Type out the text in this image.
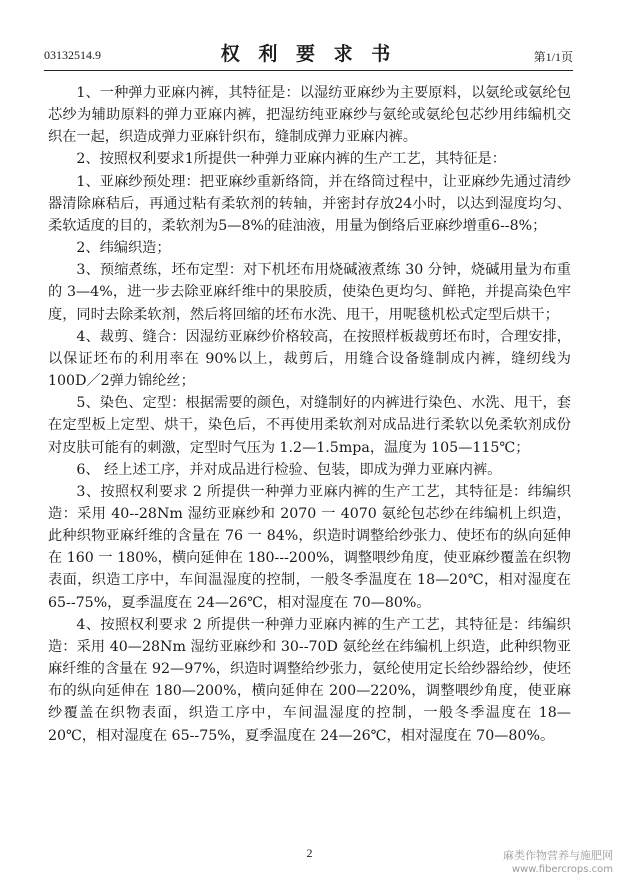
03132514.9	权 利 要 求 书	第1/1页

1、一种弹力亚麻内裤，其特征是：以湿纺亚麻纱为主要原料，以氨纶或氨纶包芯纱为辅助原料的弹力亚麻内裤，把湿纺纯亚麻纱与氨纶或氨纶包芯纱用纬编机交织在一起，织造成弹力亚麻针织布，缝制成弹力亚麻内裤。

2、按照权利要求1所提供一种弹力亚麻内裤的生产工艺，其特征是：

1、亚麻纱预处理：把亚麻纱重新络筒，并在络筒过程中，让亚麻纱先通过清纱器清除麻秸后，再通过粘有柔软剂的转轴，并密封存放24小时，以达到湿度均匀、柔软适度的目的，柔软剂为5—8%的硅油液，用量为倒络后亚麻纱增重6--8%；

2、纬编织造；

3、预缩煮练，坯布定型：对下机坯布用烧碱液煮练 30 分钟，烧碱用量为布重的 3—4%，进一步去除亚麻纤维中的果胶质，使染色更均匀、鲜艳，并提高染色牢度，同时去除柔软剂，然后将回缩的坯布水洗、甩干，用呢毯机松式定型后烘干；

4、裁剪、缝合：因湿纺亚麻纱价格较高，在按照样板裁剪坯布时，合理安排，以保证坯布的利用率在 90%以上，裁剪后，用缝合设备缝制成内裤，缝纫线为100D／2弹力锦纶丝；

5、染色、定型：根据需要的颜色，对缝制好的内裤进行染色、水洗、甩干，套在定型板上定型、烘干，染色后，不再使用柔软剂对成品进行柔软以免柔软剂成份对皮肤可能有的刺激，定型时气压为 1.2—1.5mpa，温度为 105—115℃；

6、 经上述工序，并对成品进行检验、包装，即成为弹力亚麻内裤。

3、按照权利要求 2 所提供一种弹力亚麻内裤的生产工艺，其特征是：纬编织造：采用 40--28Nm 湿纺亚麻纱和 2070 一 4070 氨纶包芯纱在纬编机上织造，此种织物亚麻纤维的含量在 76 一 84%，织造时调整给纱张力、使坯布的纵向延伸在 160 一 180%，横向延伸在 180---200%，调整喂纱角度，使亚麻纱覆盖在织物表面，织造工序中，车间温湿度的控制，一般冬季温度在 18—20℃，相对湿度在 65--75%，夏季温度在 24—26℃，相对湿度在 70—80%。

4、按照权利要求 2 所提供一种弹力亚麻内裤的生产工艺，其特征是：纬编织造：采用 40—28Nm 湿纺亚麻纱和 30--70D 氨纶丝在纬编机上织造，此种织物亚麻纤维的含量在 92—97%，织造时调整给纱张力，氨纶使用定长给纱器给纱，使坯布的纵向延伸在 180—200%，横向延伸在 200—220%，调整喂纱角度，使亚麻纱覆盖在织物表面，织造工序中，车间温湿度的控制，一般冬季温度在 18—20℃，相对湿度在 65--75%，夏季温度在 24—26℃，相对湿度在 70—80%。

2	麻类作物营养与施肥网
www.fibercrops.com
